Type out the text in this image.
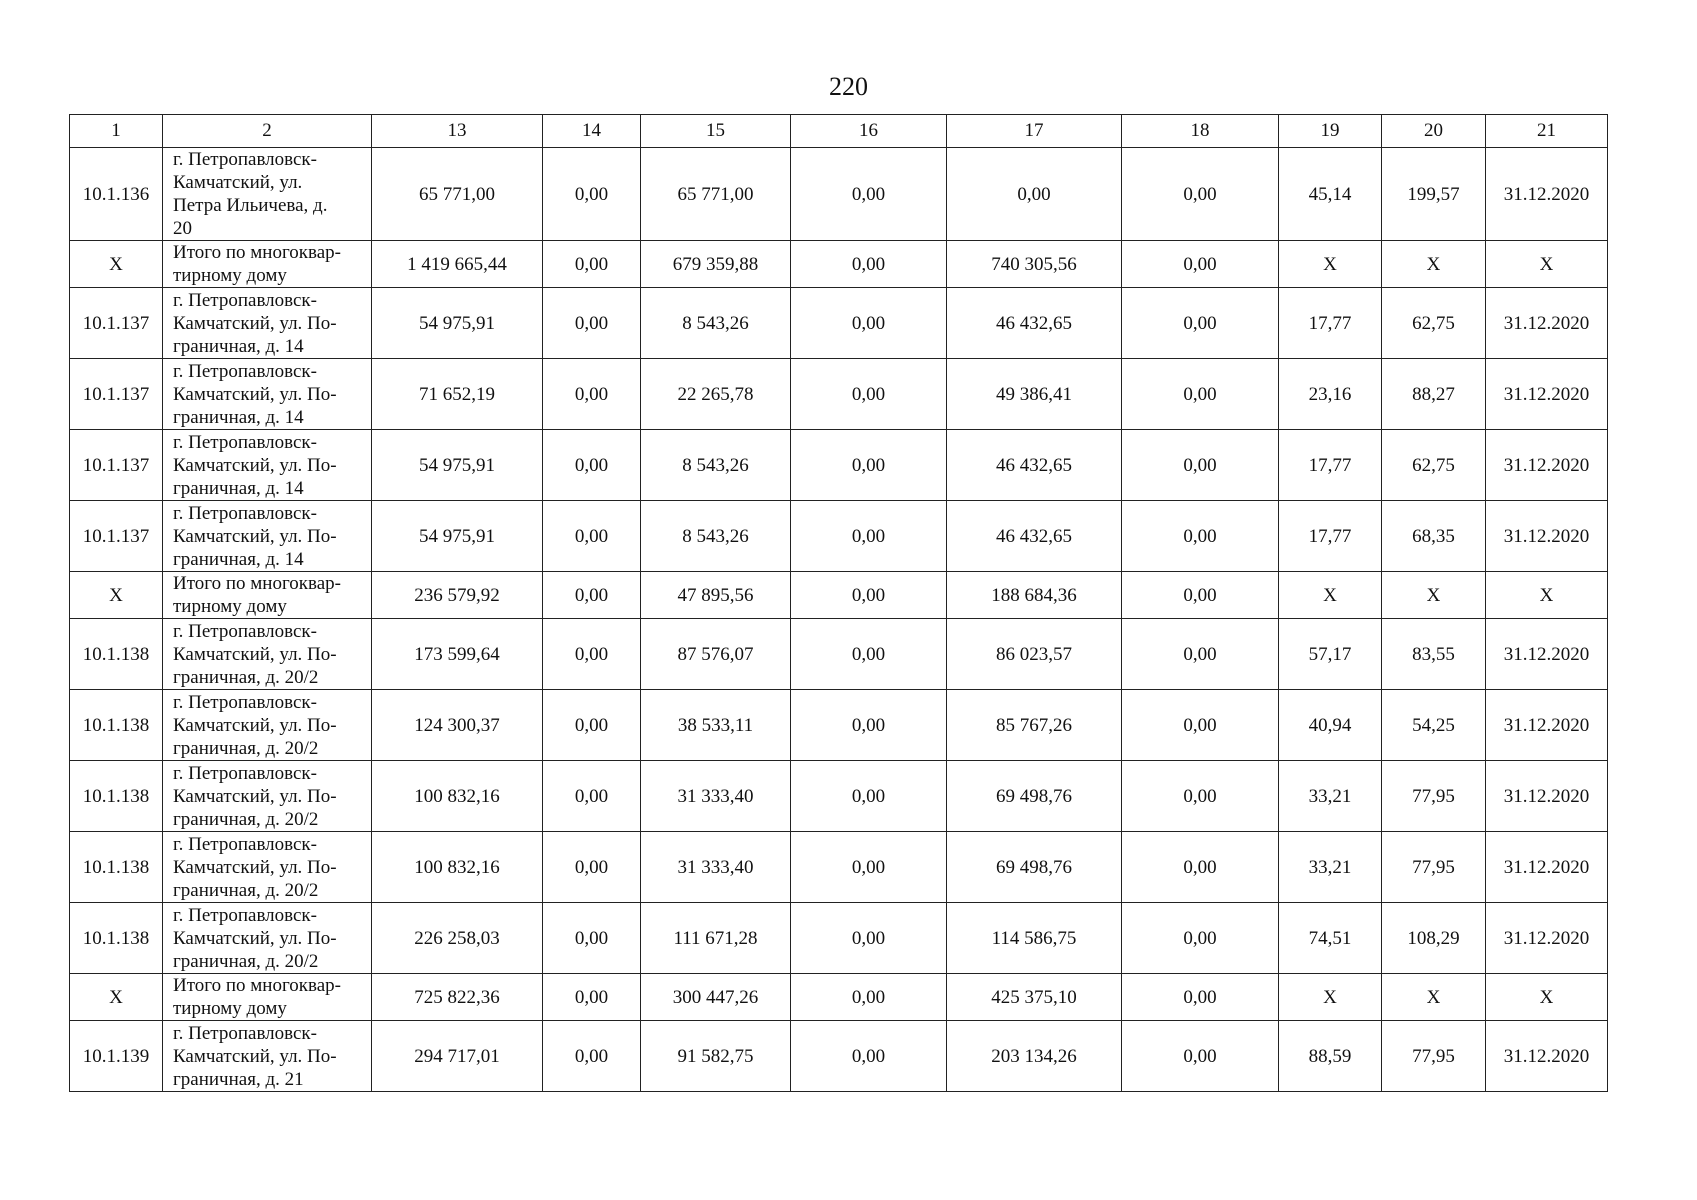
220
1	2	13	14	15	16	17	18	19	20	21
10.1.136	г. Петропавловск-
Камчатский, ул.
Петра Ильичева, д.
20	65 771,00	0,00	65 771,00	0,00	0,00	0,00	45,14	199,57	31.12.2020
X	Итого по многоквар-
тирному дому	1 419 665,44	0,00	679 359,88	0,00	740 305,56	0,00	X	X	X
10.1.137	г. Петропавловск-
Камчатский, ул. По-
граничная, д. 14	54 975,91	0,00	8 543,26	0,00	46 432,65	0,00	17,77	62,75	31.12.2020
10.1.137	г. Петропавловск-
Камчатский, ул. По-
граничная, д. 14	71 652,19	0,00	22 265,78	0,00	49 386,41	0,00	23,16	88,27	31.12.2020
10.1.137	г. Петропавловск-
Камчатский, ул. По-
граничная, д. 14	54 975,91	0,00	8 543,26	0,00	46 432,65	0,00	17,77	62,75	31.12.2020
10.1.137	г. Петропавловск-
Камчатский, ул. По-
граничная, д. 14	54 975,91	0,00	8 543,26	0,00	46 432,65	0,00	17,77	68,35	31.12.2020
X	Итого по многоквар-
тирному дому	236 579,92	0,00	47 895,56	0,00	188 684,36	0,00	X	X	X
10.1.138	г. Петропавловск-
Камчатский, ул. По-
граничная, д. 20/2	173 599,64	0,00	87 576,07	0,00	86 023,57	0,00	57,17	83,55	31.12.2020
10.1.138	г. Петропавловск-
Камчатский, ул. По-
граничная, д. 20/2	124 300,37	0,00	38 533,11	0,00	85 767,26	0,00	40,94	54,25	31.12.2020
10.1.138	г. Петропавловск-
Камчатский, ул. По-
граничная, д. 20/2	100 832,16	0,00	31 333,40	0,00	69 498,76	0,00	33,21	77,95	31.12.2020
10.1.138	г. Петропавловск-
Камчатский, ул. По-
граничная, д. 20/2	100 832,16	0,00	31 333,40	0,00	69 498,76	0,00	33,21	77,95	31.12.2020
10.1.138	г. Петропавловск-
Камчатский, ул. По-
граничная, д. 20/2	226 258,03	0,00	111 671,28	0,00	114 586,75	0,00	74,51	108,29	31.12.2020
X	Итого по многоквар-
тирному дому	725 822,36	0,00	300 447,26	0,00	425 375,10	0,00	X	X	X
10.1.139	г. Петропавловск-
Камчатский, ул. По-
граничная, д. 21	294 717,01	0,00	91 582,75	0,00	203 134,26	0,00	88,59	77,95	31.12.2020
